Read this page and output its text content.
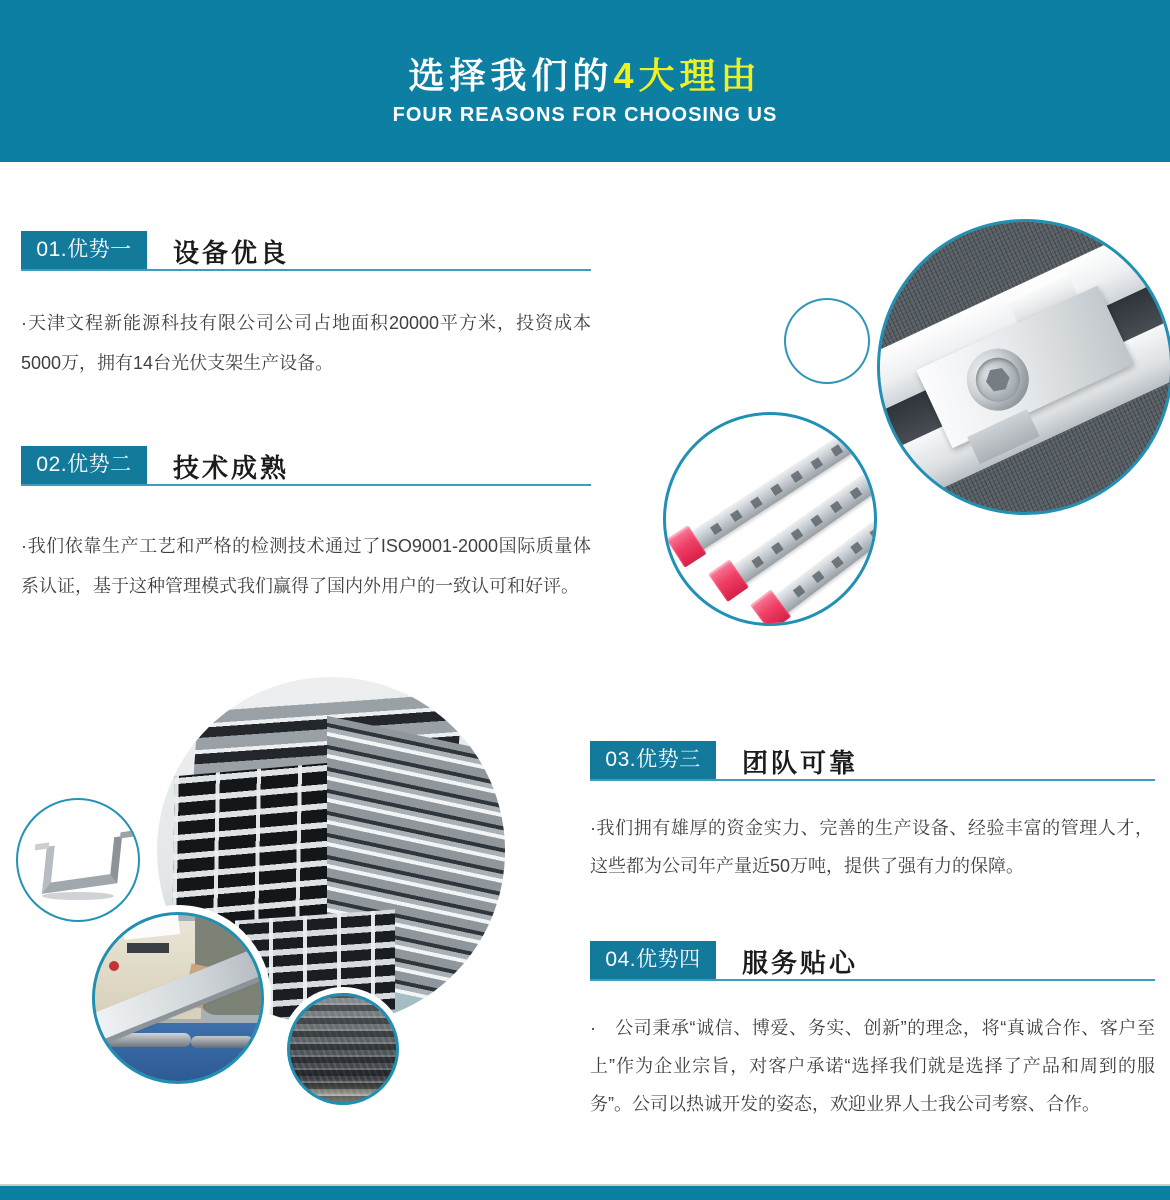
选择我们的4大理由
FOUR REASONS FOR CHOOSING US
01.优势一	设备优良
·天津文程新能源科技有限公司公司占地面积20000平方米，投资成本5000万，拥有14台光伏支架生产设备。
02.优势二	技术成熟
·我们依靠生产工艺和严格的检测技术通过了ISO9001-2000国际质量体系认证，基于这种管理模式我们赢得了国内外用户的一致认可和好评。
03.优势三	团队可靠
·我们拥有雄厚的资金实力、完善的生产设备、经验丰富的管理人才，这些都为公司年产量近50万吨，提供了强有力的保障。
04.优势四	服务贴心
·　公司秉承“诚信、博爱、务实、创新”的理念，将“真诚合作、客户至上”作为企业宗旨，对客户承诺“选择我们就是选择了产品和周到的服务”。公司以热诚开发的姿态，欢迎业界人士我公司考察、合作。
